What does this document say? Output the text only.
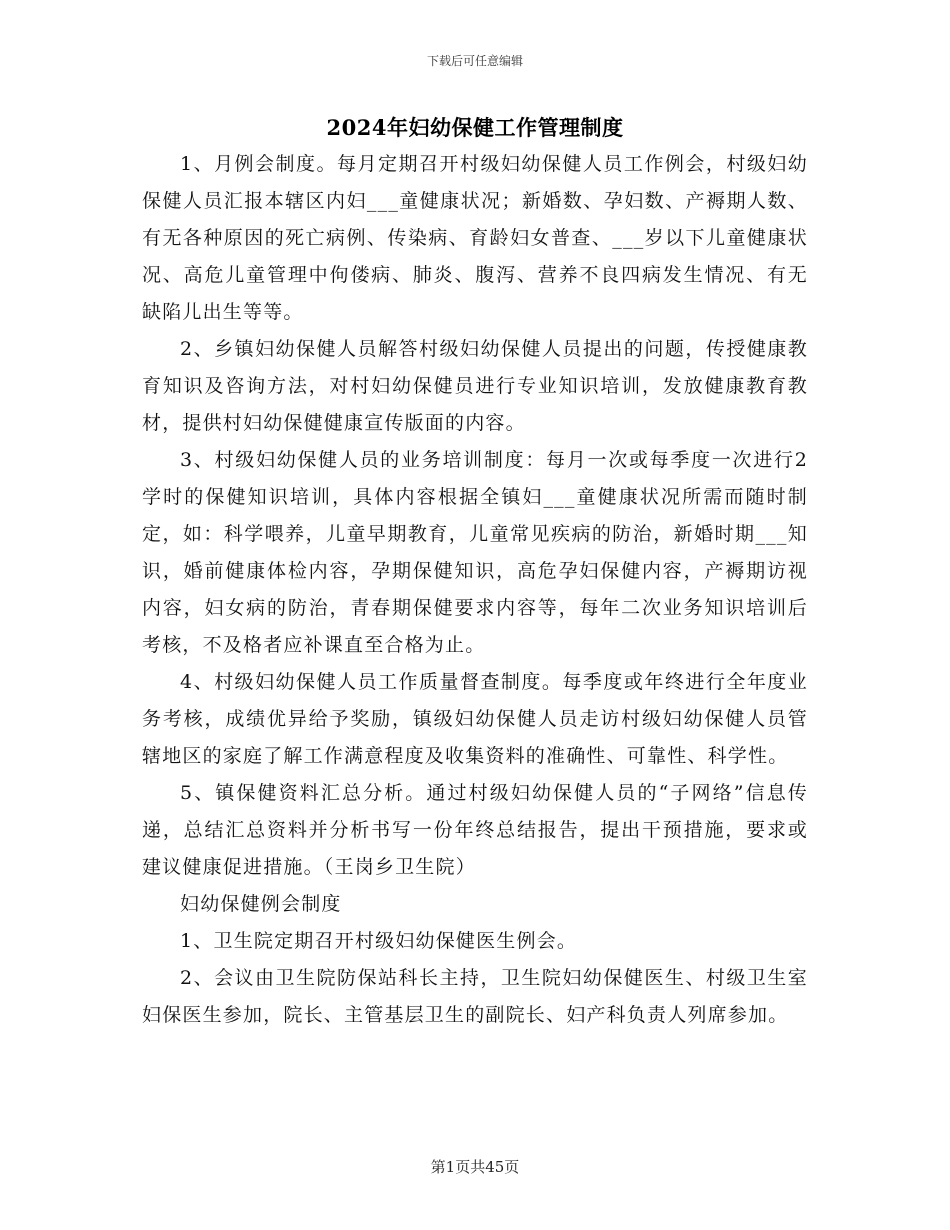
下载后可任意编辑
2024年妇幼保健工作管理制度

1、月例会制度。每月定期召开村级妇幼保健人员工作例会，村级妇幼保健人员汇报本辖区内妇___童健康状况；新婚数、孕妇数、产褥期人数、有无各种原因的死亡病例、传染病、育龄妇女普查、___岁以下儿童健康状况、高危儿童管理中佝偻病、肺炎、腹泻、营养不良四病发生情况、有无缺陷儿出生等等。

2、乡镇妇幼保健人员解答村级妇幼保健人员提出的问题，传授健康教育知识及咨询方法，对村妇幼保健员进行专业知识培训，发放健康教育教材，提供村妇幼保健健康宣传版面的内容。

3、村级妇幼保健人员的业务培训制度：每月一次或每季度一次进行2学时的保健知识培训，具体内容根据全镇妇___童健康状况所需而随时制定，如：科学喂养，儿童早期教育，儿童常见疾病的防治，新婚时期___知识，婚前健康体检内容，孕期保健知识，高危孕妇保健内容，产褥期访视内容，妇女病的防治，青春期保健要求内容等，每年二次业务知识培训后考核，不及格者应补课直至合格为止。

4、村级妇幼保健人员工作质量督查制度。每季度或年终进行全年度业务考核，成绩优异给予奖励，镇级妇幼保健人员走访村级妇幼保健人员管辖地区的家庭了解工作满意程度及收集资料的准确性、可靠性、科学性。

5、镇保健资料汇总分析。通过村级妇幼保健人员的“子网络”信息传递，总结汇总资料并分析书写一份年终总结报告，提出干预措施，要求或建议健康促进措施。（王岗乡卫生院）

妇幼保健例会制度

1、卫生院定期召开村级妇幼保健医生例会。

2、会议由卫生院防保站科长主持，卫生院妇幼保健医生、村级卫生室妇保医生参加，院长、主管基层卫生的副院长、妇产科负责人列席参加。

第1页共45页
